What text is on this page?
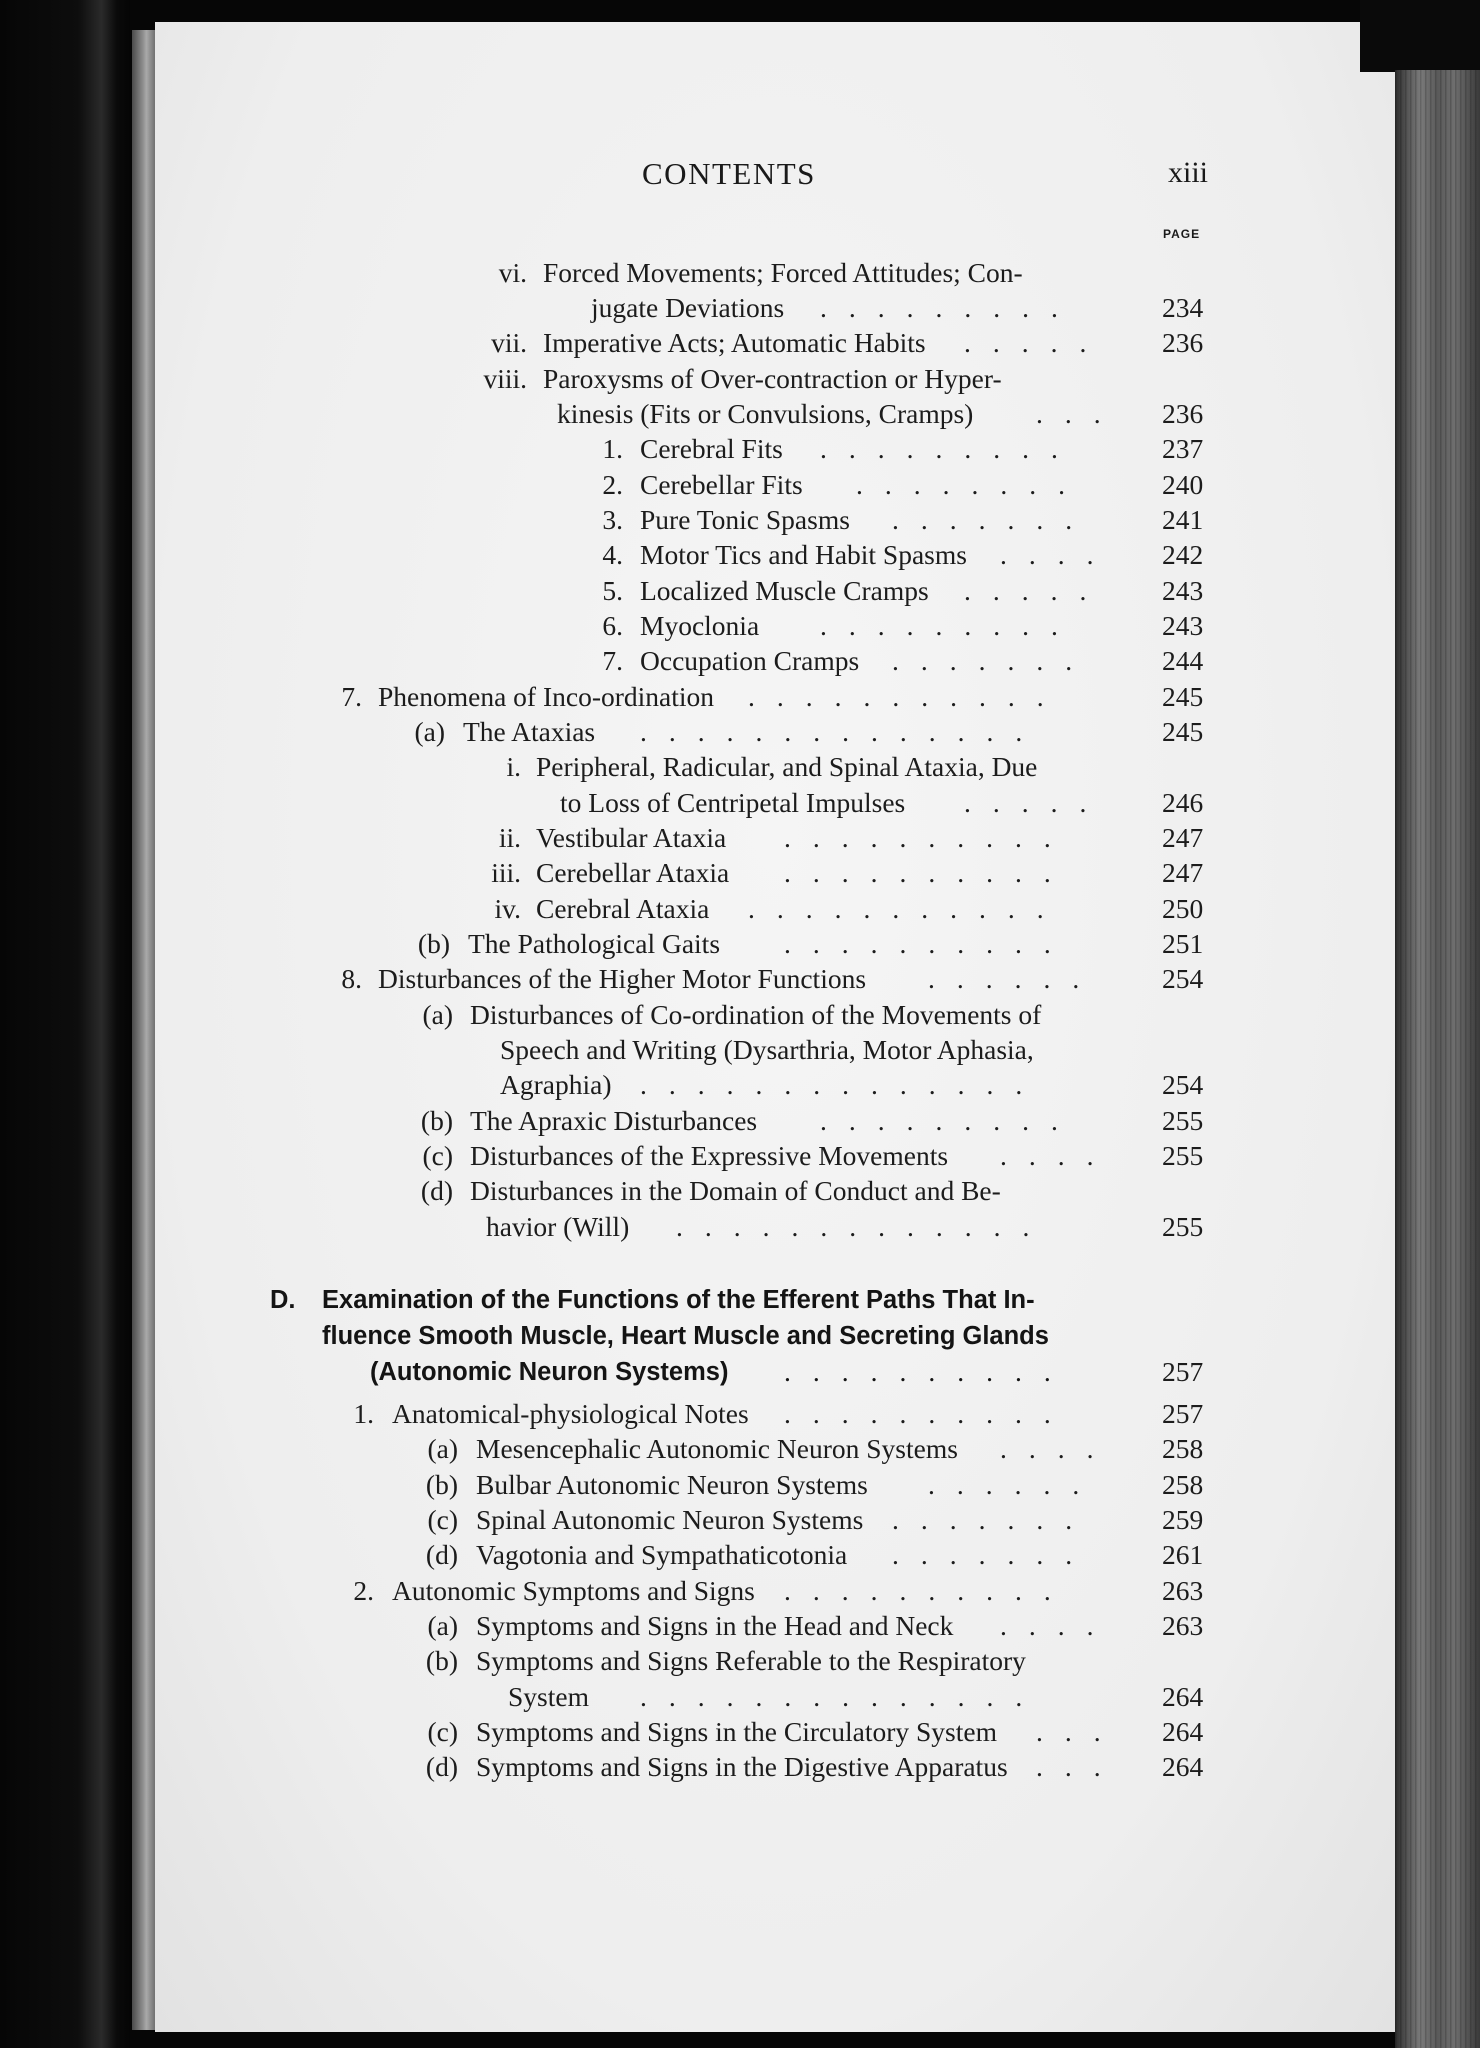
CONTENTS	xiii
PAGE
vi. Forced Movements; Forced Attitudes; Con-
jugate Deviations .........	234
vii. Imperative Acts; Automatic Habits ..... 236
viii. Paroxysms of Over-contraction or Hyper-
kinesis (Fits or Convulsions, Cramps) ... 236
1. Cerebral Fits .........	237
2. Cerebellar Fits ........	240
3. Pure Tonic Spasms ....... 241
4. Motor Tics and Habit Spasms .... 242
5. Localized Muscle Cramps ..... 243
6. Myoclonia .........	243
7. Occupation Cramps ....... 244
7. Phenomena of Inco-ordination ...........	245
(a) The Ataxias ..............	245
i. Peripheral, Radicular, and Spinal Ataxia, Due
to Loss of Centripetal Impulses ..... 246
ii. Vestibular Ataxia ..........	247
iii. Cerebellar Ataxia ..........	247
iv. Cerebral Ataxia ...........	250
(b) The Pathological Gaits ..........	251
8. Disturbances of the Higher Motor Functions ...... 254
(a) Disturbances of Co-ordination of the Movements of
Speech and Writing (Dysarthria, Motor Aphasia,
Agraphia) ..............	254
(b) The Apraxic Disturbances .........	255
(c) Disturbances of the Expressive Movements .... 255
(d) Disturbances in the Domain of Conduct and Be-
havior (Will) .............	255
D. Examination of the Functions of the Efferent Paths That In-
fluence Smooth Muscle, Heart Muscle and Secreting Glands
(Autonomic Neuron Systems) ..........	257
1. Anatomical-physiological Notes ..........	257
(a) Mesencephalic Autonomic Neuron Systems .... 258
(b) Bulbar Autonomic Neuron Systems ...... 258
(c) Spinal Autonomic Neuron Systems ....... 259
(d) Vagotonia and Sympathaticotonia ....... 261
2. Autonomic Symptoms and Signs ..........	263
(a) Symptoms and Signs in the Head and Neck .... 263
(b) Symptoms and Signs Referable to the Respiratory
System ..............	264
(c) Symptoms and Signs in the Circulatory System ... 264
(d) Symptoms and Signs in the Digestive Apparatus ... 264
